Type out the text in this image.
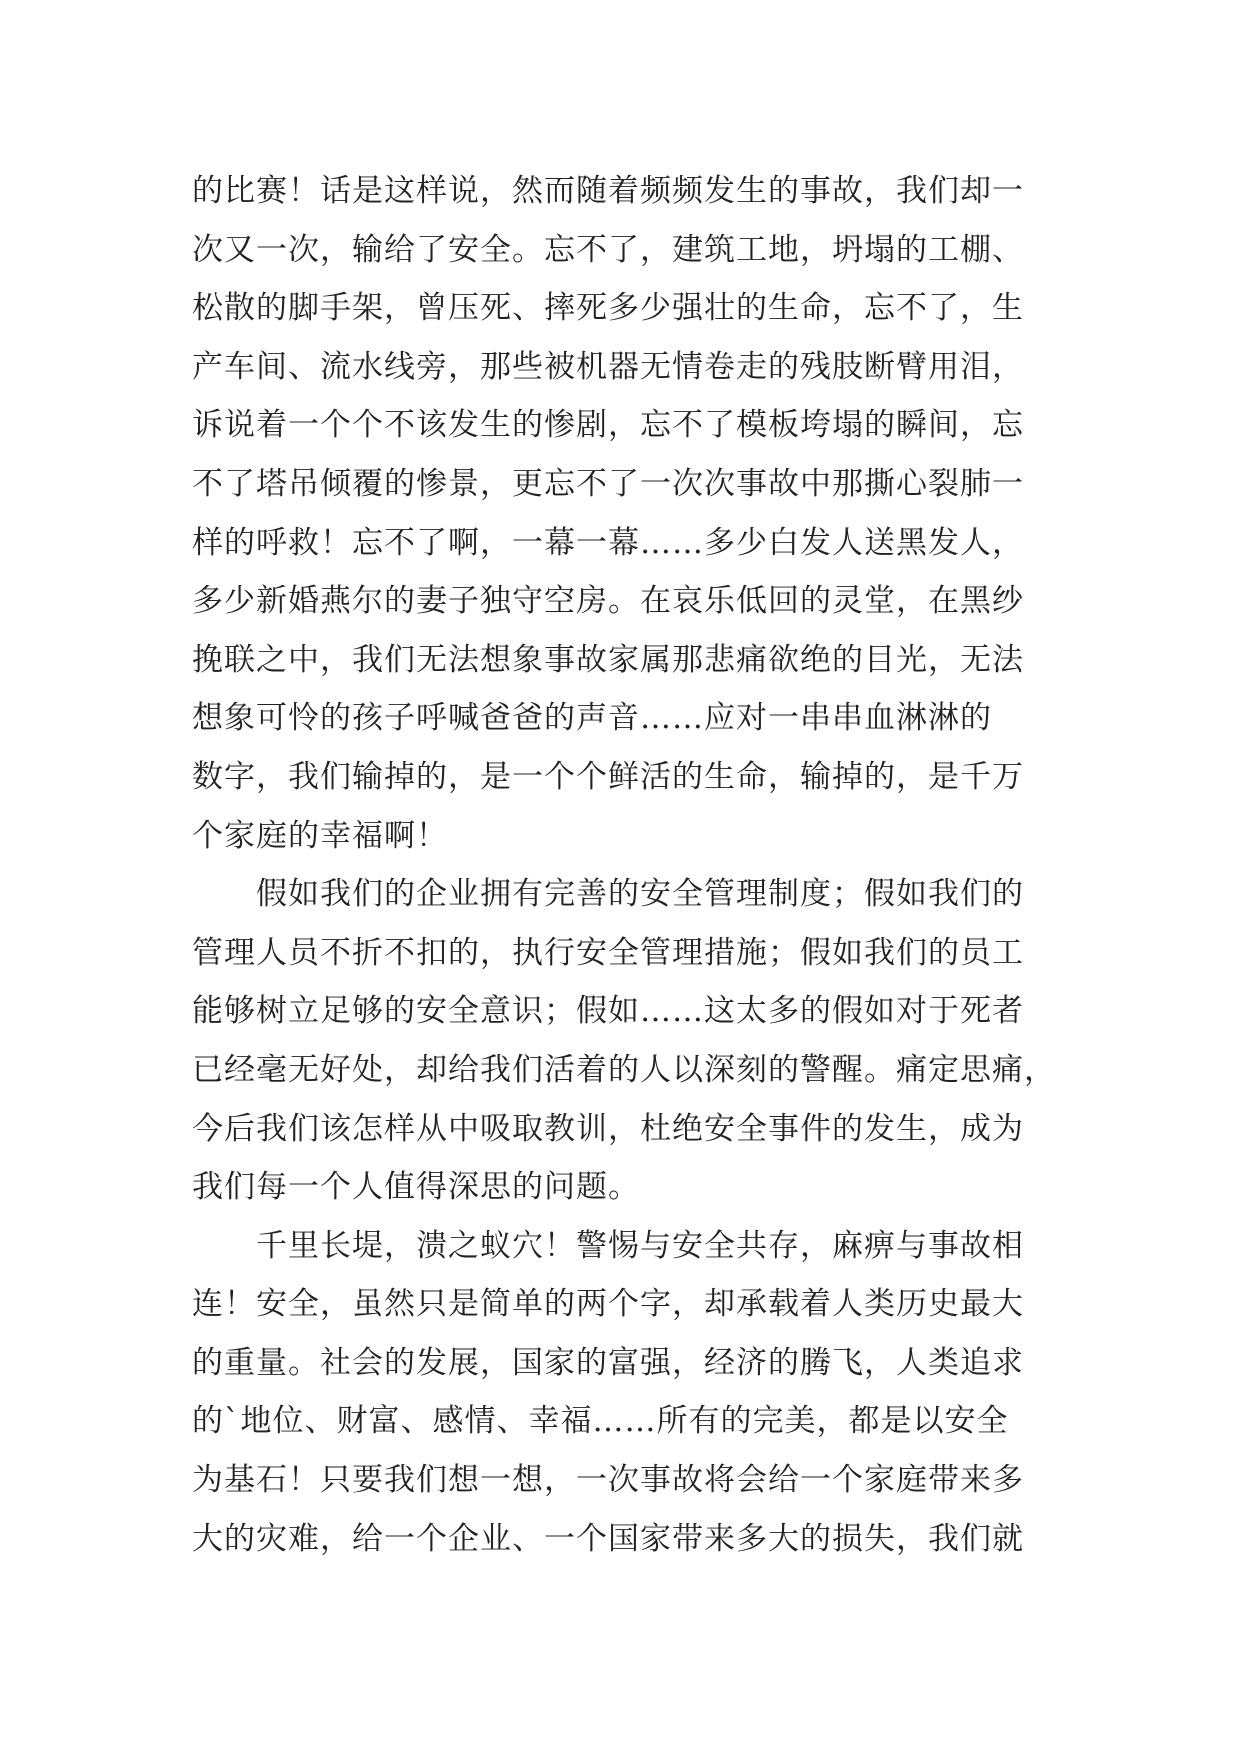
的比赛！话是这样说，然而随着频频发生的事故，我们却一
次又一次，输给了安全。忘不了，建筑工地，坍塌的工棚、
松散的脚手架，曾压死、摔死多少强壮的生命，忘不了，生
产车间、流水线旁，那些被机器无情卷走的残肢断臂用泪，
诉说着一个个不该发生的惨剧，忘不了模板垮塌的瞬间，忘
不了塔吊倾覆的惨景，更忘不了一次次事故中那撕心裂肺一
样的呼救！忘不了啊，一幕一幕……多少白发人送黑发人，
多少新婚燕尔的妻子独守空房。在哀乐低回的灵堂，在黑纱
挽联之中，我们无法想象事故家属那悲痛欲绝的目光，无法
想象可怜的孩子呼喊爸爸的声音……应对一串串血淋淋的
数字，我们输掉的，是一个个鲜活的生命，输掉的，是千万
个家庭的幸福啊！
假如我们的企业拥有完善的安全管理制度；假如我们的
管理人员不折不扣的，执行安全管理措施；假如我们的员工
能够树立足够的安全意识；假如……这太多的假如对于死者
已经毫无好处，却给我们活着的人以深刻的警醒。痛定思痛，
今后我们该怎样从中吸取教训，杜绝安全事件的发生，成为
我们每一个人值得深思的问题。
千里长堤，溃之蚁穴！警惕与安全共存，麻痹与事故相
连！安全，虽然只是简单的两个字，却承载着人类历史最大
的重量。社会的发展，国家的富强，经济的腾飞，人类追求
的`地位、财富、感情、幸福……所有的完美，都是以安全
为基石！只要我们想一想，一次事故将会给一个家庭带来多
大的灾难，给一个企业、一个国家带来多大的损失，我们就
